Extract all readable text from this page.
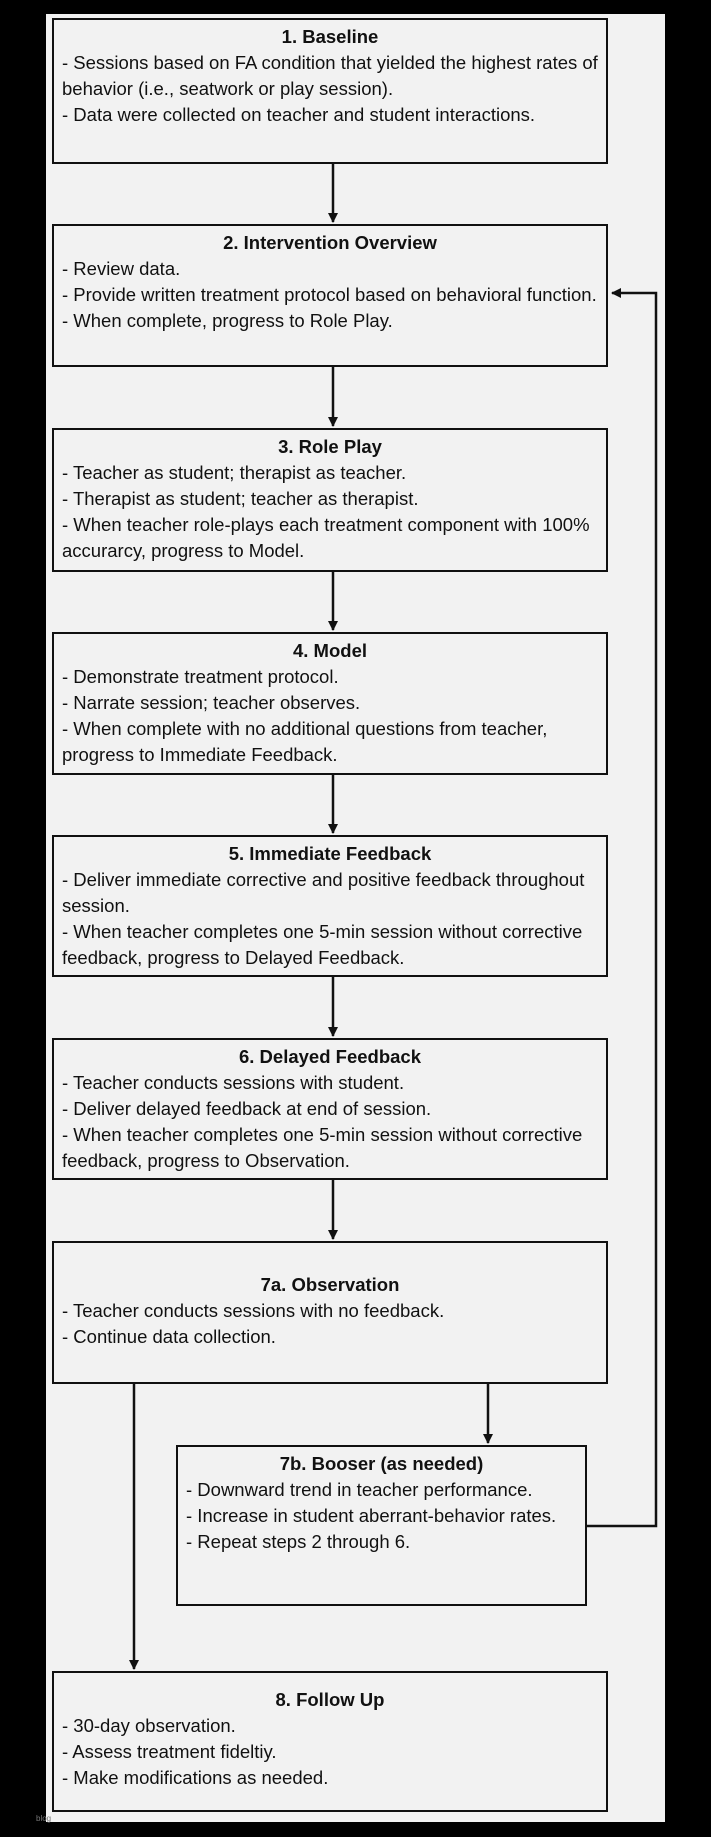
1. Baseline
- Sessions based on FA condition that yielded the highest rates of behavior (i.e., seatwork or play session).
- Data were collected on teacher and student interactions.
2. Intervention Overview
- Review data.
- Provide written treatment protocol based on behavioral function.
- When complete, progress to Role Play.
3. Role Play
- Teacher as student; therapist as teacher.
- Therapist as student; teacher as therapist.
- When teacher role-plays each treatment component with 100% accurarcy, progress to Model.
4. Model
- Demonstrate treatment protocol.
- Narrate session; teacher observes.
- When complete with no additional questions from teacher, progress to Immediate Feedback.
5. Immediate Feedback
- Deliver immediate corrective and positive feedback throughout session.
- When teacher completes one 5-min session without corrective feedback, progress to Delayed Feedback.
6. Delayed Feedback
- Teacher conducts sessions with student.
- Deliver delayed feedback at end of session.
- When teacher completes one 5-min session without corrective feedback, progress to Observation.
7a. Observation
- Teacher conducts sessions with no feedback.
- Continue data collection.
7b. Booser (as needed)
- Downward trend in teacher performance.
- Increase in student aberrant-behavior rates.
- Repeat steps 2 through 6.
8. Follow Up
- 30-day observation.
- Assess treatment fideltiy.
- Make modifications as needed.
blog
